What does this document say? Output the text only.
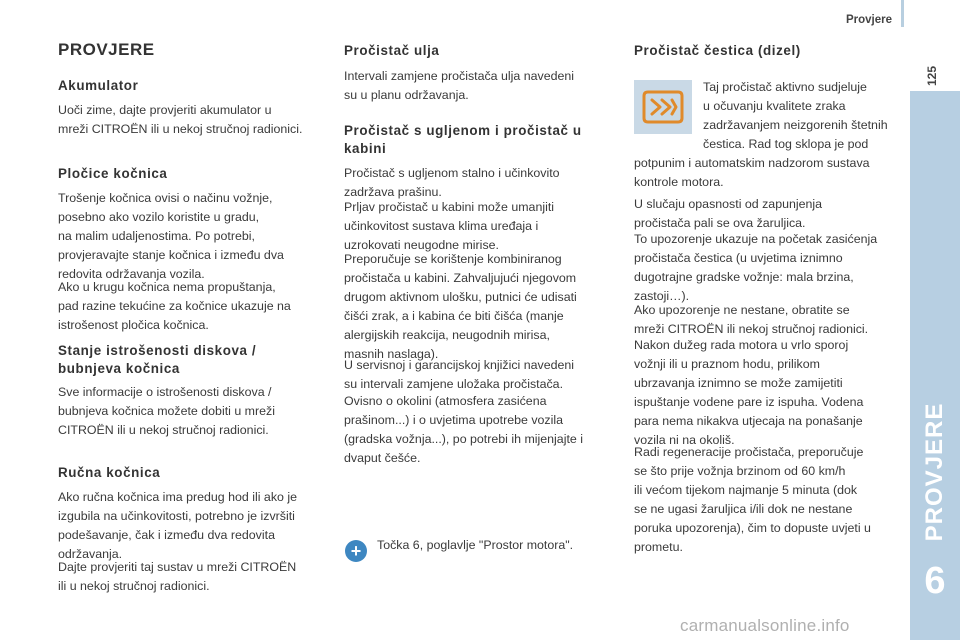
Provjere
125
PROVJERE
6
carmanualsonline.info
PROVJERE
Akumulator

Uoči zime, dajte provjeriti akumulator u

mreži CITROËN ili u nekoj stručnoj radionici.

Pločice kočnica

Trošenje kočnica ovisi o načinu vožnje,

posebno ako vozilo koristite u gradu,

na malim udaljenostima. Po potrebi,

provjeravajte stanje kočnica i između dva

redovita održavanja vozila.

Ako u krugu kočnica nema propuštanja,

pad razine tekućine za kočnice ukazuje na

istrošenost pločica kočnica.

Stanje istrošenosti diskova /
bubnjeva kočnica

Sve informacije o istrošenosti diskova /

bubnjeva kočnica možete dobiti u mreži

CITROËN ili u nekoj stručnoj radionici.

Ručna kočnica

Ako ručna kočnica ima predug hod ili ako je

izgubila na učinkovitosti, potrebno je izvršiti

podešavanje, čak i između dva redovita

održavanja.

Dajte provjeriti taj sustav u mreži CITROËN

ili u nekoj stručnoj radionici.

Pročistač ulja

Intervali zamjene pročistača ulja navedeni

su u planu održavanja.

Pročistač s ugljenom i pročistač u
kabini

Pročistač s ugljenom stalno i učinkovito

zadržava prašinu.

Prljav pročistač u kabini može umanjiti

učinkovitost sustava klima uređaja i

uzrokovati neugodne mirise.

Preporučuje se korištenje kombiniranog

pročistača u kabini. Zahvaljujući njegovom

drugom aktivnom ulošku, putnici će udisati

čišći zrak, a i kabina će biti čišća (manje

alergijskih reakcija, neugodnih mirisa,

masnih naslaga).

U servisnoj i garancijskoj knjižici navedeni

su intervali zamjene uložaka pročistača.

Ovisno o okolini (atmosfera zasićena

prašinom...) i o uvjetima upotrebe vozila

(gradska vožnja...), po potrebi ih mijenjajte i

dvaput češće.

+	Točka 6, poglavlje "Prostor motora".

Pročistač čestica (dizel)

Taj pročistač aktivno sudjeluje

u očuvanju kvalitete zraka

zadržavanjem neizgorenih štetnih

čestica. Rad tog sklopa je pod

potpunim i automatskim nadzorom sustava

kontrole motora.

U slučaju opasnosti od zapunjenja

pročistača pali se ova žaruljica.

To upozorenje ukazuje na početak zasićenja

pročistača čestica (u uvjetima iznimno

dugotrajne gradske vožnje: mala brzina,

zastoji…).

Ako upozorenje ne nestane, obratite se

mreži CITROËN ili nekoj stručnoj radionici.

Nakon dužeg rada motora u vrlo sporoj

vožnji ili u praznom hodu, prilikom

ubrzavanja iznimno se može zamijetiti

ispuštanje vodene pare iz ispuha. Vodena

para nema nikakva utjecaja na ponašanje

vozila ni na okoliš.

Radi regeneracije pročistača, preporučuje

se što prije vožnja brzinom od 60 km/h

ili većom tijekom najmanje 5 minuta (dok

se ne ugasi žaruljica i/ili dok ne nestane

poruka upozorenja), čim to dopuste uvjeti u

prometu.
